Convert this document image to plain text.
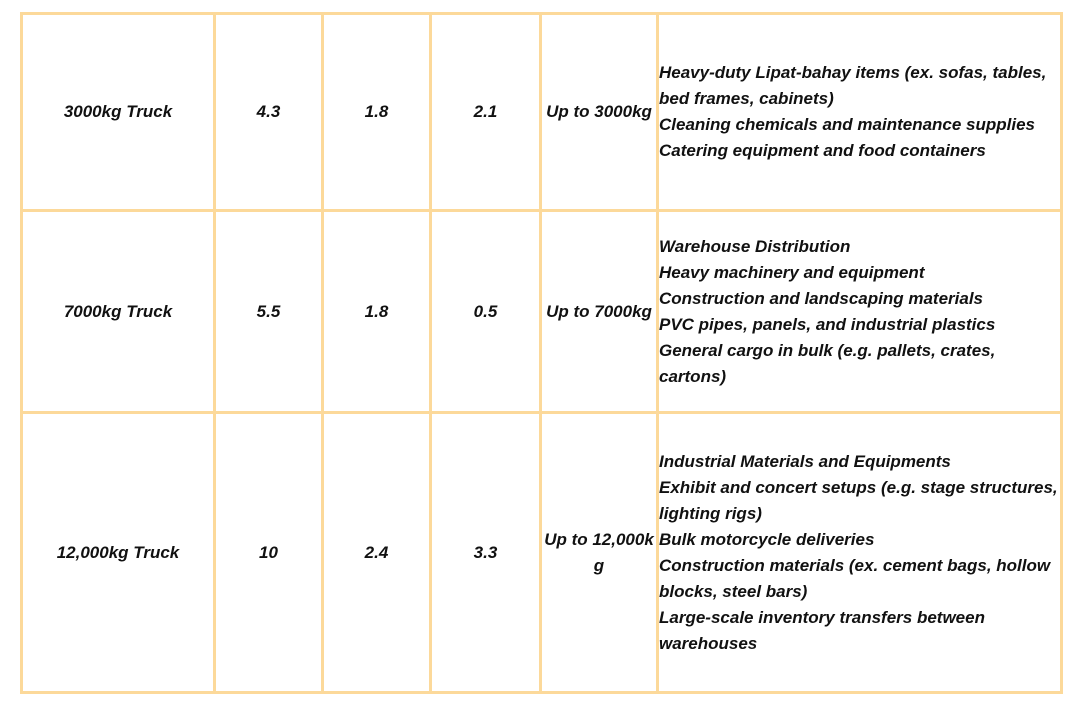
3000kg Truck	4.3	1.8	2.1	Up to 3000kg	Heavy-duty Lipat-bahay items (ex. sofas, tables, bed frames, cabinets)
Cleaning chemicals and maintenance supplies
Catering equipment and food containers

7000kg Truck	5.5	1.8	0.5	Up to 7000kg	Warehouse Distribution
Heavy machinery and equipment
Construction and landscaping materials
PVC pipes, panels, and industrial plastics
General cargo in bulk (e.g. pallets, crates, cartons)

12,000kg Truck	10	2.4	3.3	Up to 12,000kg	Industrial Materials and Equipments
Exhibit and concert setups (e.g. stage structures, lighting rigs)
Bulk motorcycle deliveries
Construction materials (ex. cement bags, hollow blocks, steel bars)
Large-scale inventory transfers between warehouses
